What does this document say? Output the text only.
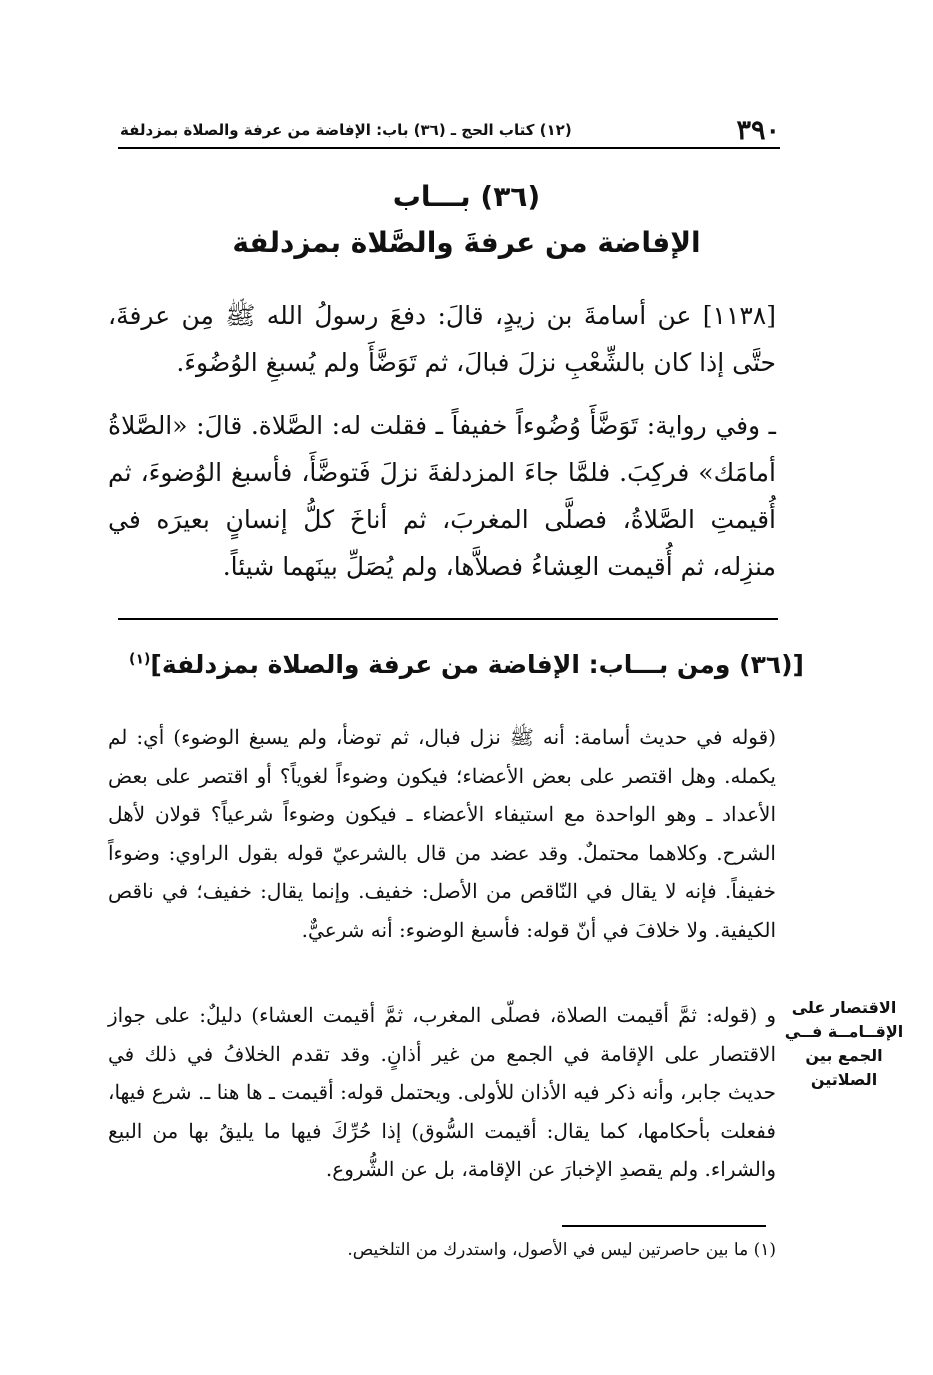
٣٩٠
(١٢) كتاب الحج ـ (٣٦) باب: الإفاضة من عرفة والصلاة بمزدلفة
(٣٦) بـــاب
الإفاضة من عرفةَ والصَّلاة بمزدلفة

[١١٣٨] عن أسامةَ بن زيدٍ، قالَ: دفعَ رسولُ الله ﷺ مِن عرفةَ، حتَّى إذا كان بالشِّعْبِ نزلَ فبالَ، ثم تَوَضَّأَ ولم يُسبغِ الوُضُوءَ.

ـ وفي رواية: تَوَضَّأَ وُضُوءاً خفيفاً ـ فقلت له: الصَّلاة. قالَ: «الصَّلاةُ أمامَك» فركِبَ. فلمَّا جاءَ المزدلفةَ نزلَ فَتوضَّأَ، فأسبغ الوُضوءَ، ثم أُقيمتِ الصَّلاةُ، فصلَّى المغربَ، ثم أناخَ كلُّ إنسانٍ بعيرَه في منزِله، ثم أُقيمت العِشاءُ فصلاَّها، ولم يُصَلِّ بينَهما شيئاً.

[(٣٦) ومن بـــاب: الإفاضة من عرفة والصلاة بمزدلفة]$^{(١)}$

(قوله في حديث أسامة: أنه ﷺ نزل فبال، ثم توضأ، ولم يسبغ الوضوء) أي: لم يكمله. وهل اقتصر على بعض الأعضاء؛ فيكون وضوءاً لغوياً؟ أو اقتصر على بعض الأعداد ـ وهو الواحدة مع استيفاء الأعضاء ـ فيكون وضوءاً شرعياً؟ قولان لأهل الشرح. وكلاهما محتملٌ. وقد عضد من قال بالشرعيّ قوله بقول الراوي: وضوءاً خفيفاً. فإنه لا يقال في النّاقص من الأصل: خفيف. وإنما يقال: خفيف؛ في ناقص الكيفية. ولا خلافَ في أنّ قوله: فأسبغ الوضوء: أنه شرعيٌّ.

و (قوله: ثمَّ أقيمت الصلاة، فصلّى المغرب، ثمَّ أقيمت العشاء) دليلٌ: على جواز الاقتصار على الإقامة في الجمع من غير أذانٍ. وقد تقدم الخلافُ في ذلك في حديث جابر، وأنه ذكر فيه الأذان للأولى. ويحتمل قوله: أقيمت ـ ها هنا ـ. شرع فيها، ففعلت بأحكامها، كما يقال: أقيمت السُّوق) إذا حُرِّكَ فيها ما يليقُ بها من البيع والشراء. ولم يقصدِ الإخبارَ عن الإقامة، بل عن الشُّروع.

الاقتصار على
الإقــامــة فــي
الجمع بين
الصلاتين
(١) ما بين حاصرتين ليس في الأصول، واستدرك من التلخيص.
